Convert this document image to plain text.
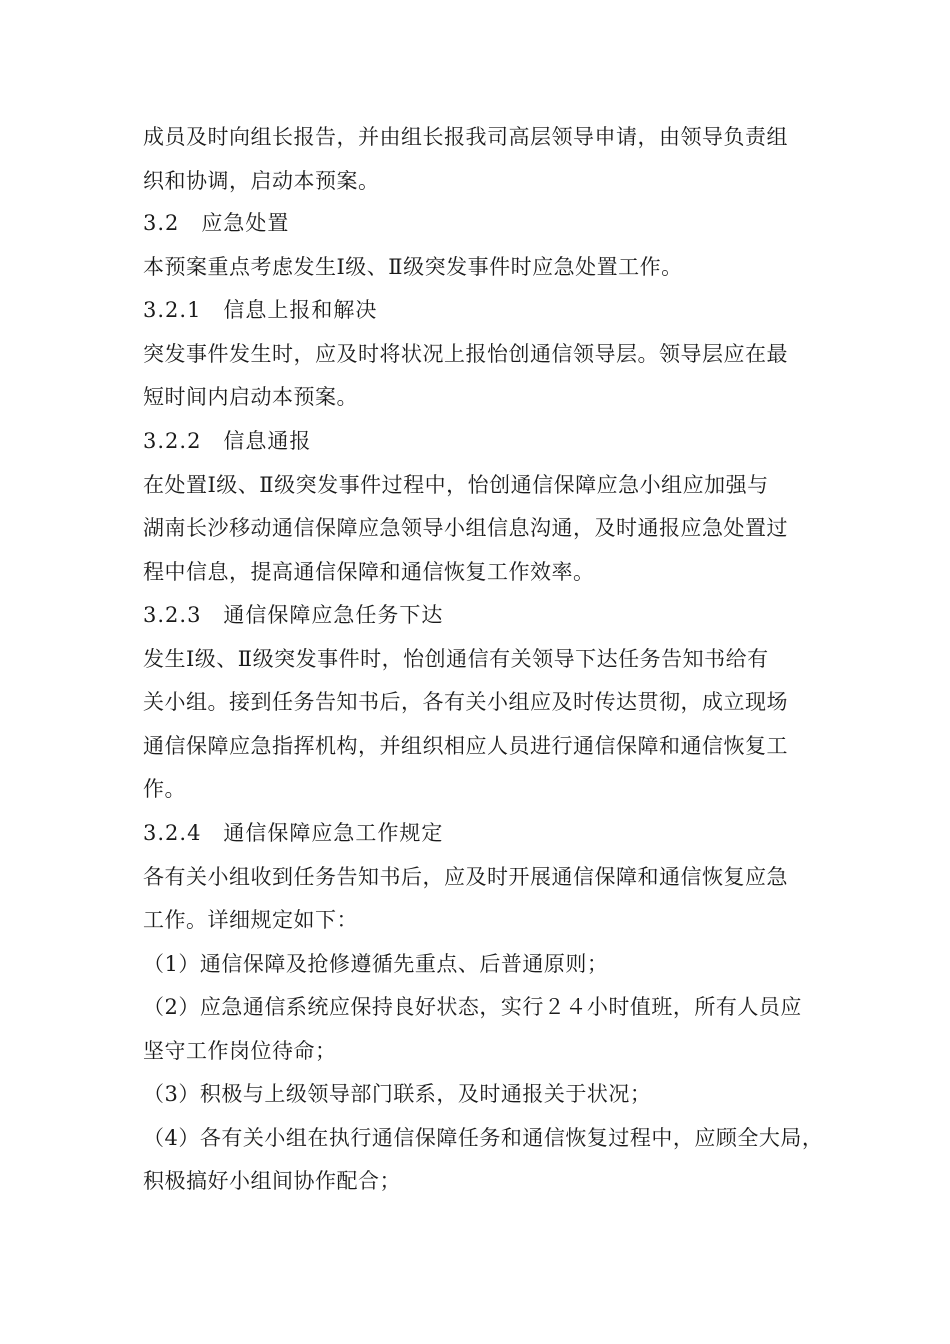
成员及时向组长报告，并由组长报我司高层领导申请，由领导负责组
织和协调，启动本预案。
3.2　应急处置
本预案重点考虑发生Ⅰ级、Ⅱ级突发事件时应急处置工作。
3.2.1　信息上报和解决
突发事件发生时，应及时将状况上报怡创通信领导层。领导层应在最
短时间内启动本预案。
3.2.2　信息通报
在处置Ⅰ级、Ⅱ级突发事件过程中，怡创通信保障应急小组应加强与
湖南长沙移动通信保障应急领导小组信息沟通，及时通报应急处置过
程中信息，提高通信保障和通信恢复工作效率。
3.2.3　通信保障应急任务下达
发生Ⅰ级、Ⅱ级突发事件时，怡创通信有关领导下达任务告知书给有
关小组。接到任务告知书后，各有关小组应及时传达贯彻，成立现场
通信保障应急指挥机构，并组织相应人员进行通信保障和通信恢复工
作。
3.2.4　通信保障应急工作规定
各有关小组收到任务告知书后，应及时开展通信保障和通信恢复应急
工作。详细规定如下：
（1）通信保障及抢修遵循先重点、后普通原则；
（2）应急通信系统应保持良好状态，实行２４小时值班，所有人员应
坚守工作岗位待命；
（3）积极与上级领导部门联系，及时通报关于状况；
（4）各有关小组在执行通信保障任务和通信恢复过程中，应顾全大局，
积极搞好小组间协作配合；
